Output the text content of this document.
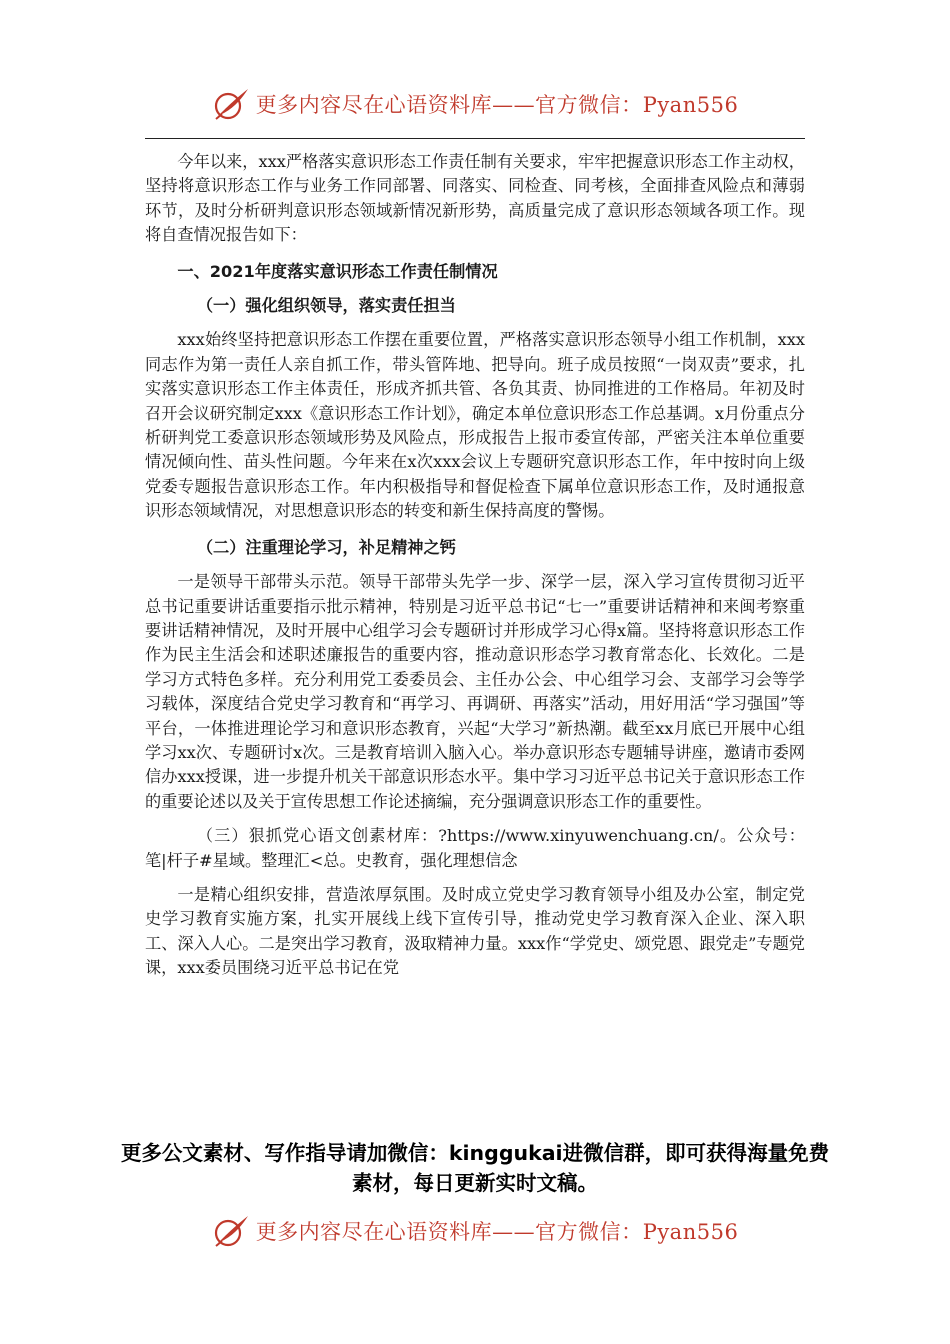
更多内容尽在心语资料库——官方微信：Pyan556

今年以来，xxx严格落实意识形态工作责任制有关要求，牢牢把握意识形态工作主动权，坚持将意识形态工作与业务工作同部署、同落实、同检查、同考核，全面排查风险点和薄弱环节，及时分析研判意识形态领域新情况新形势，高质量完成了意识形态领域各项工作。现将自查情况报告如下：

一、2021年度落实意识形态工作责任制情况

（一）强化组织领导，落实责任担当

xxx始终坚持把意识形态工作摆在重要位置，严格落实意识形态领导小组工作机制，xxx同志作为第一责任人亲自抓工作，带头管阵地、把导向。班子成员按照“一岗双责”要求，扎实落实意识形态工作主体责任，形成齐抓共管、各负其责、协同推进的工作格局。年初及时召开会议研究制定xxx《意识形态工作计划》，确定本单位意识形态工作总基调。x月份重点分析研判党工委意识形态领域形势及风险点，形成报告上报市委宣传部，严密关注本单位重要情况倾向性、苗头性问题。今年来在x次xxx会议上专题研究意识形态工作，年中按时向上级党委专题报告意识形态工作。年内积极指导和督促检查下属单位意识形态工作，及时通报意识形态领域情况，对思想意识形态的转变和新生保持高度的警惕。

（二）注重理论学习，补足精神之钙

一是领导干部带头示范。领导干部带头先学一步、深学一层，深入学习宣传贯彻习近平总书记重要讲话重要指示批示精神，特别是习近平总书记“七一”重要讲话精神和来闽考察重要讲话精神情况，及时开展中心组学习会专题研讨并形成学习心得x篇。坚持将意识形态工作作为民主生活会和述职述廉报告的重要内容，推动意识形态学习教育常态化、长效化。二是学习方式特色多样。充分利用党工委委员会、主任办公会、中心组学习会、支部学习会等学习载体，深度结合党史学习教育和“再学习、再调研、再落实”活动，用好用活“学习强国”等平台，一体推进理论学习和意识形态教育，兴起“大学习”新热潮。截至xx月底已开展中心组学习xx次、专题研讨x次。三是教育培训入脑入心。举办意识形态专题辅导讲座，邀请市委网信办xxx授课，进一步提升机关干部意识形态水平。集中学习习近平总书记关于意识形态工作的重要论述以及关于宣传思想工作论述摘编，充分强调意识形态工作的重要性。

（三）狠抓党心语文创素材库：?https://www.xinyuwenchuang.cn/。公众号：笔|杆子#星域。整理汇<总。史教育，强化理想信念

一是精心组织安排，营造浓厚氛围。及时成立党史学习教育领导小组及办公室，制定党史学习教育实施方案，扎实开展线上线下宣传引导，推动党史学习教育深入企业、深入职工、深入人心。二是突出学习教育，汲取精神力量。xxx作“学党史、颂党恩、跟党走”专题党课，xxx委员围绕习近平总书记在党

更多公文素材、写作指导请加微信：kinggukai进微信群，即可获得海量免费素材，每日更新实时文稿。
更多内容尽在心语资料库——官方微信：Pyan556
